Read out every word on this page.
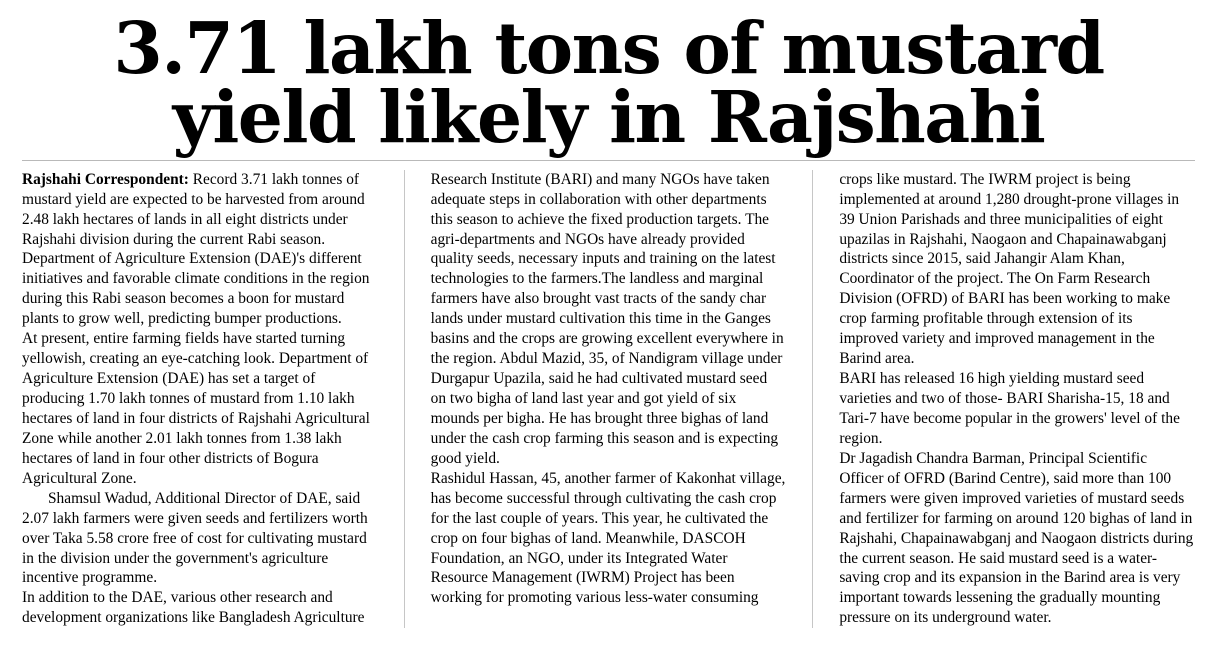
3.71 lakh tons of mustard
yield likely in Rajshahi

Rajshahi Correspondent: Record 3.71 lakh tonnes of mustard yield are expected to be harvested from around 2.48 lakh hectares of lands in all eight districts under Rajshahi division during the current Rabi season. Department of Agriculture Extension (DAE)'s different initiatives and favorable climate conditions in the region during this Rabi season becomes a boon for mustard plants to grow well, predicting bumper productions.

At present, entire farming fields have started turning yellowish, creating an eye-catching look. Department of Agriculture Extension (DAE) has set a target of producing 1.70 lakh tonnes of mustard from 1.10 lakh hectares of land in four districts of Rajshahi Agricultural Zone while another 2.01 lakh tonnes from 1.38 lakh hectares of land in four other districts of Bogura Agricultural Zone.

Shamsul Wadud, Additional Director of DAE, said 2.07 lakh farmers were given seeds and fertilizers worth over Taka 5.58 crore free of cost for cultivating mustard in the division under the government's agriculture incentive programme.

In addition to the DAE, various other research and development organizations like Bangladesh Agriculture

Research Institute (BARI) and many NGOs have taken adequate steps in collaboration with other departments this season to achieve the fixed production targets. The agri-departments and NGOs have already provided quality seeds, necessary inputs and training on the latest technologies to the farmers.The landless and marginal farmers have also brought vast tracts of the sandy char lands under mustard cultivation this time in the Ganges basins and the crops are growing excellent everywhere in the region. Abdul Mazid, 35, of Nandigram village under Durgapur Upazila, said he had cultivated mustard seed on two bigha of land last year and got yield of six mounds per bigha. He has brought three bighas of land under the cash crop farming this season and is expecting good yield.

Rashidul Hassan, 45, another farmer of Kakonhat village, has become successful through cultivating the cash crop for the last couple of years. This year, he cultivated the crop on four bighas of land. Meanwhile, DASCOH Foundation, an NGO, under its Integrated Water Resource Management (IWRM) Project has been working for promoting various less-water consuming

crops like mustard. The IWRM project is being implemented at around 1,280 drought-prone villages in 39 Union Parishads and three municipalities of eight upazilas in Rajshahi, Naogaon and Chapainawabganj districts since 2015, said Jahangir Alam Khan, Coordinator of the project. The On Farm Research Division (OFRD) of BARI has been working to make crop farming profitable through extension of its improved variety and improved management in the Barind area.

BARI has released 16 high yielding mustard seed varieties and two of those- BARI Sharisha-15, 18 and Tari-7 have become popular in the growers' level of the region.

Dr Jagadish Chandra Barman, Principal Scientific Officer of OFRD (Barind Centre), said more than 100 farmers were given improved varieties of mustard seeds and fertilizer for farming on around 120 bighas of land in Rajshahi, Chapainawabganj and Naogaon districts during the current season. He said mustard seed is a water-saving crop and its expansion in the Barind area is very important towards lessening the gradually mounting pressure on its underground water.
